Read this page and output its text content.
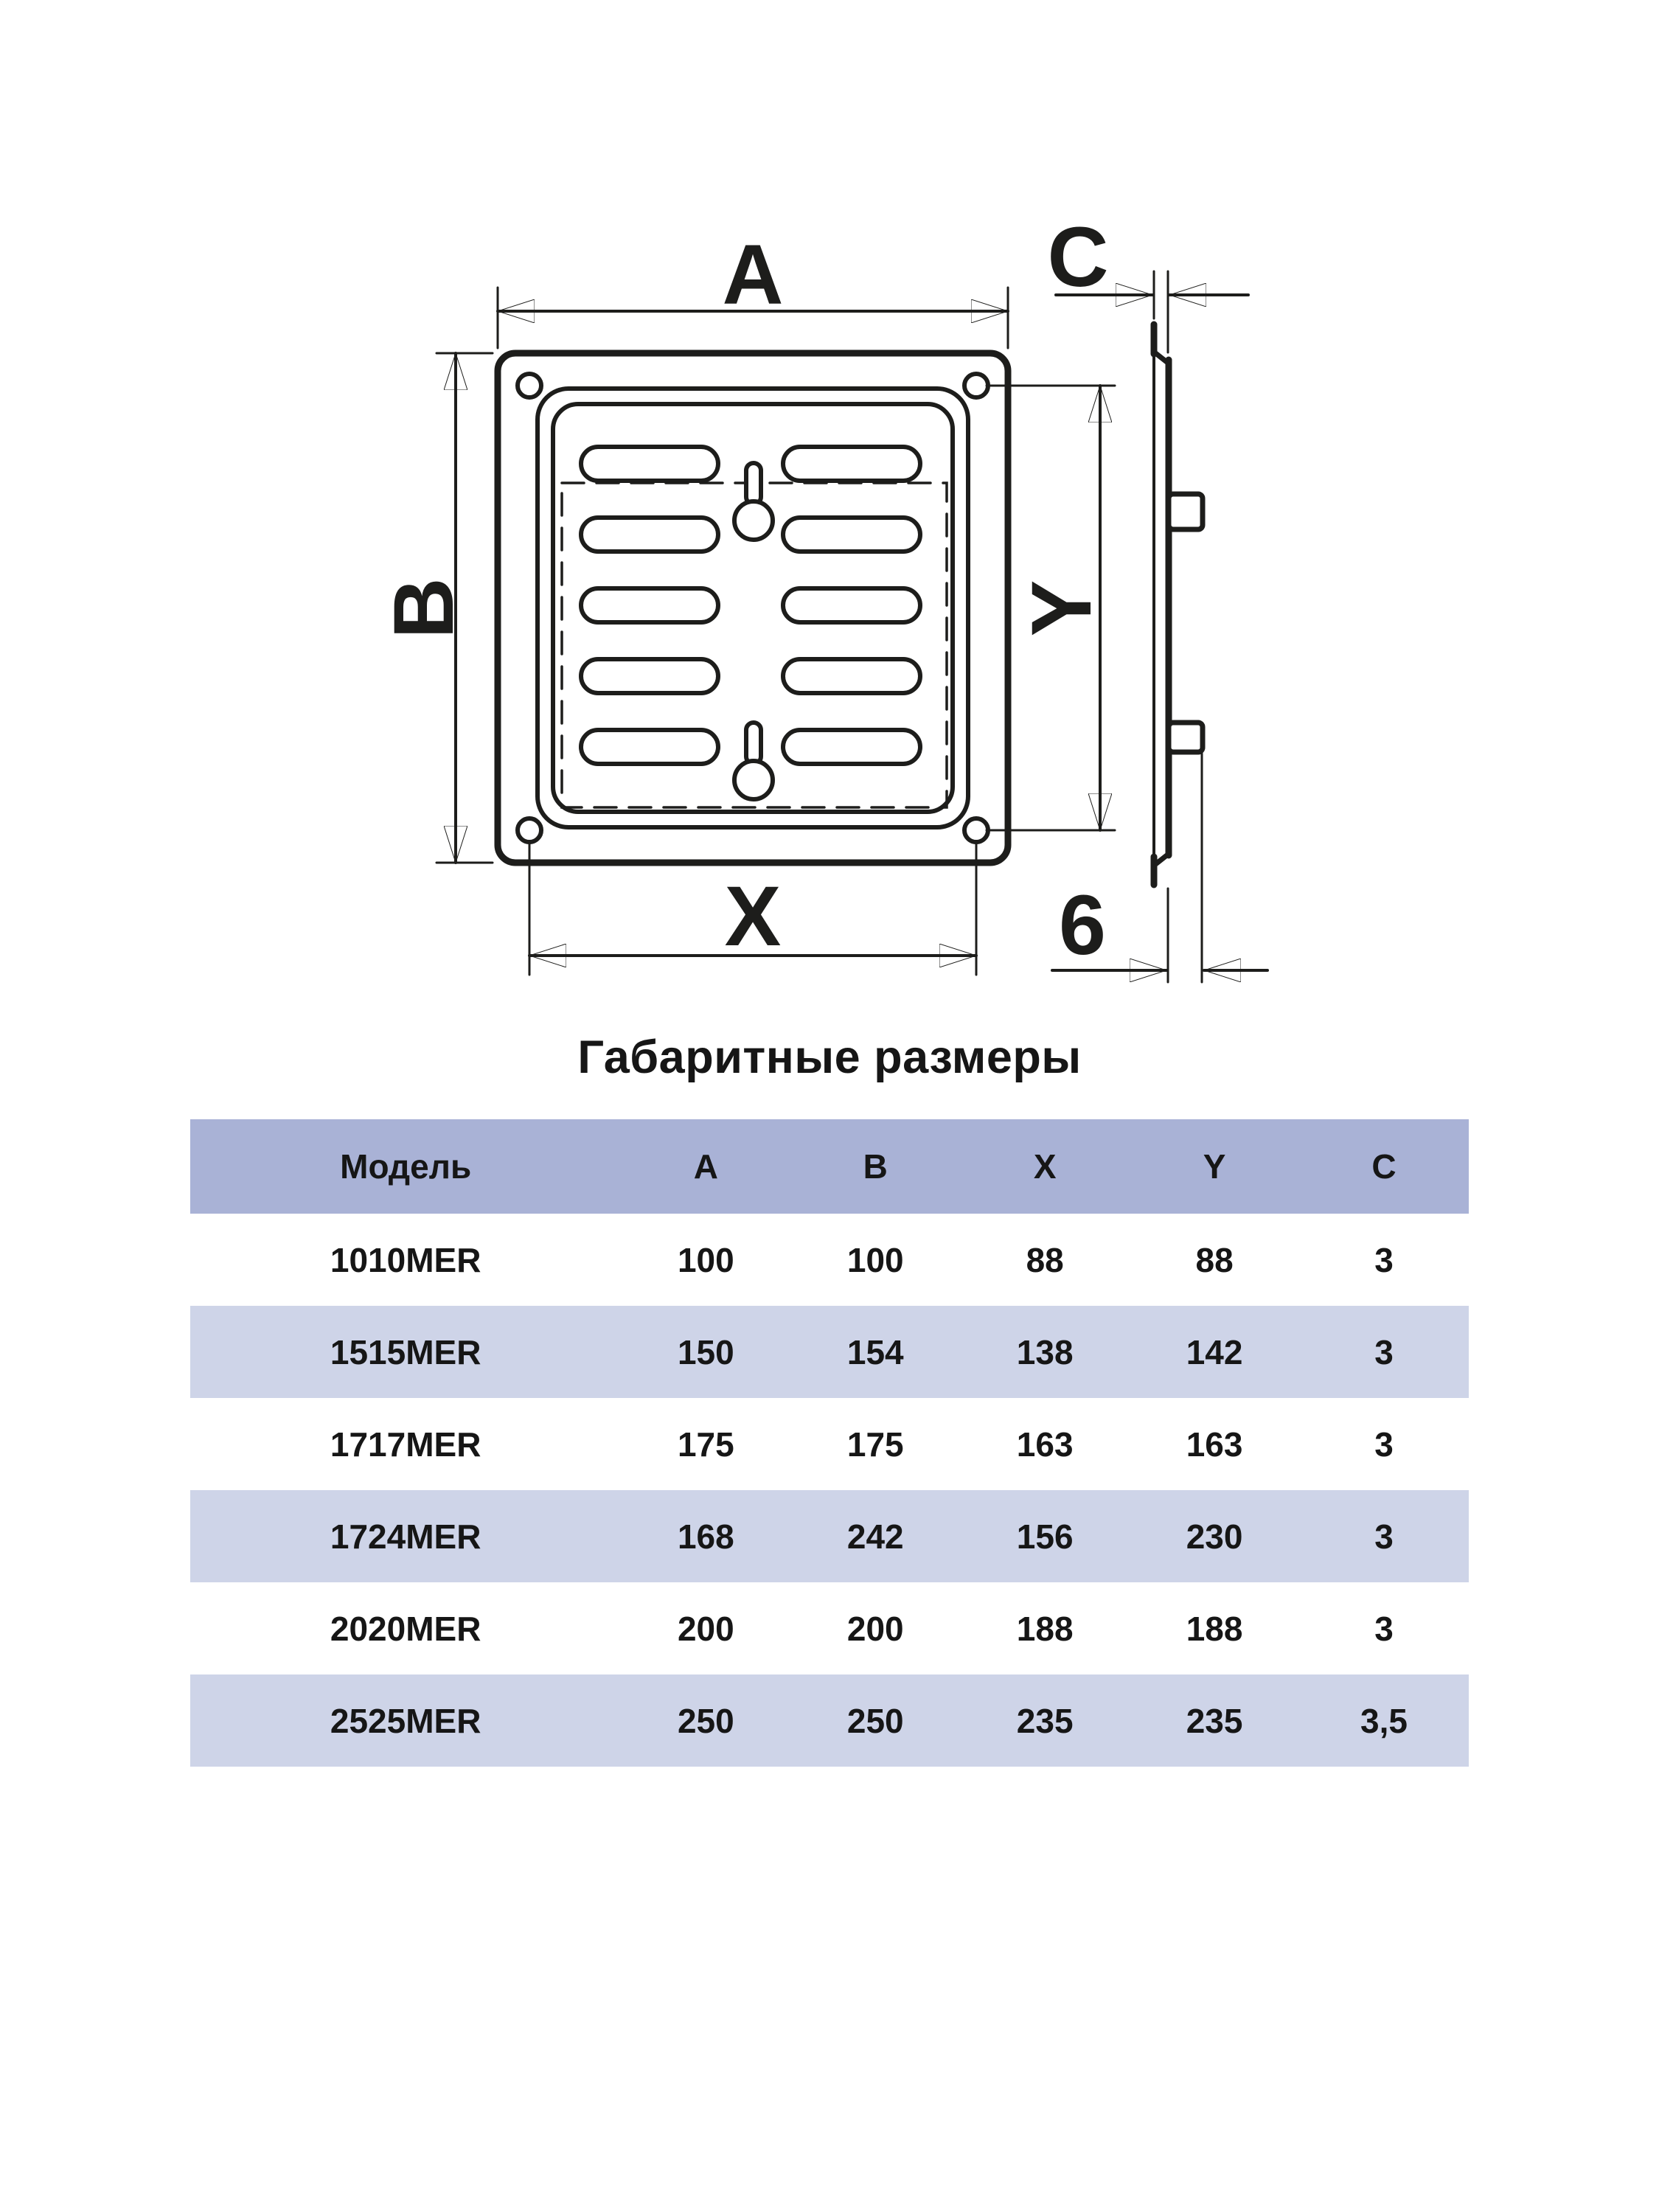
A
B
X
Y
C
6
Габаритные размеры
Модель	A	B	X	Y	C
1010MER	100	100	88	88	3
1515MER	150	154	138	142	3
1717MER	175	175	163	163	3
1724MER	168	242	156	230	3
2020MER	200	200	188	188	3
2525MER	250	250	235	235	3,5
